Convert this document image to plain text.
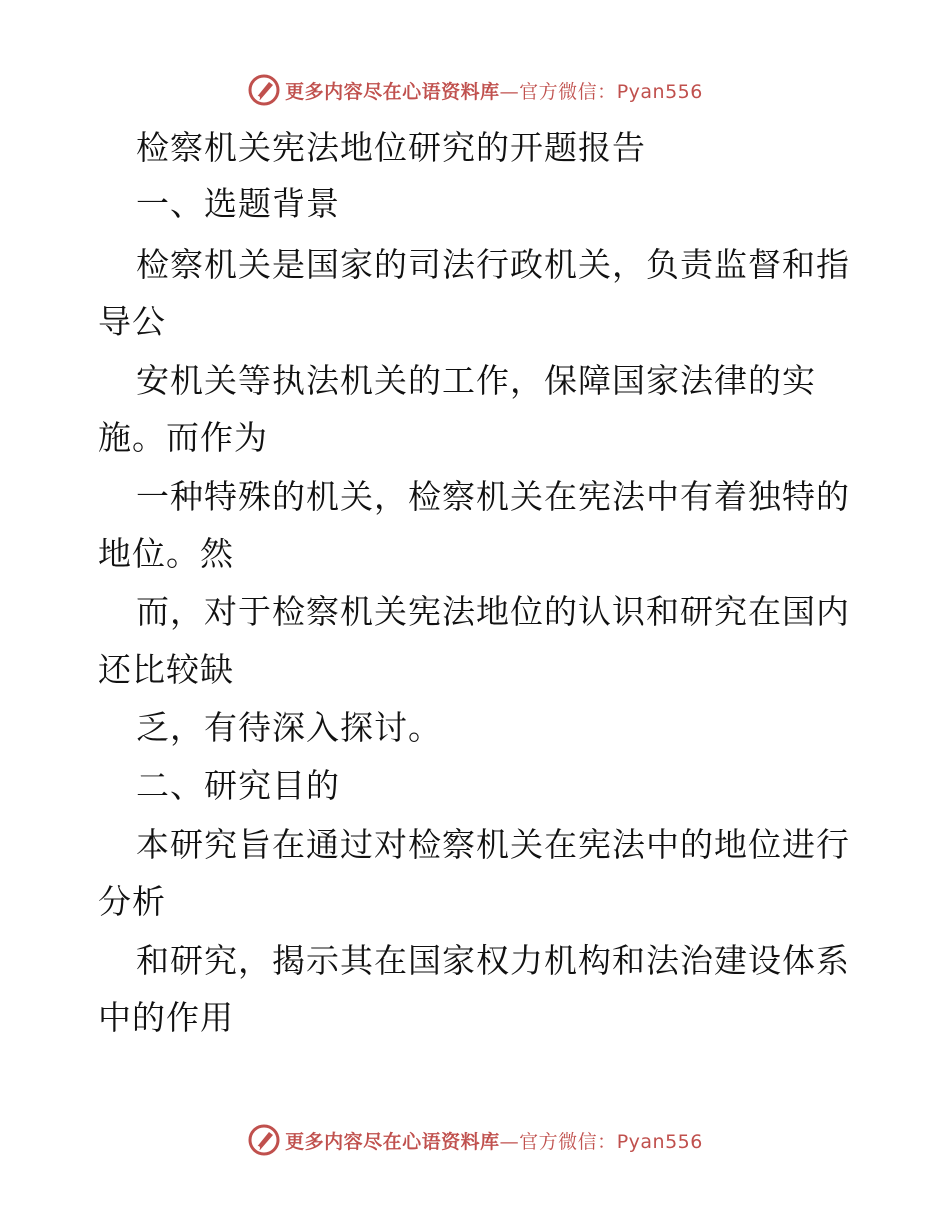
更多内容尽在心语资料库—官方微信：Pyan556
检察机关宪法地位研究的开题报告
一、选题背景
检察机关是国家的司法行政机关，负责监督和指
导公
安机关等执法机关的工作，保障国家法律的实
施。而作为
一种特殊的机关，检察机关在宪法中有着独特的
地位。然
而，对于检察机关宪法地位的认识和研究在国内
还比较缺
乏，有待深入探讨。
二、研究目的
本研究旨在通过对检察机关在宪法中的地位进行
分析
和研究，揭示其在国家权力机构和法治建设体系
中的作用
更多内容尽在心语资料库—官方微信：Pyan556
